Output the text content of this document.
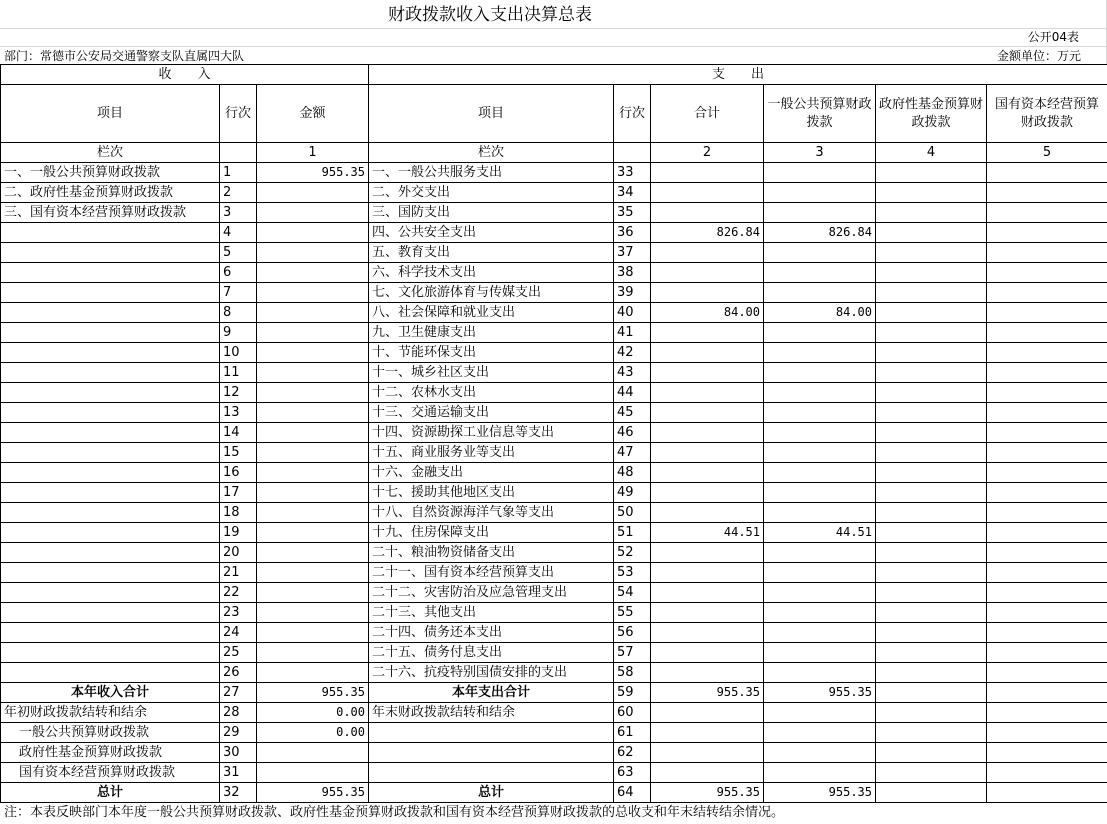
财政拨款收入支出决算总表
公开04表
部门：常德市公安局交通警察支队直属四大队	金额单位：万元
收　　入			支　　出					
项目	行次	金额	项目	行次	合计	一般公共预算财政拨款	政府性基金预算财政拨款	国有资本经营预算财政拨款
栏次		1	栏次		2	3	4	5
一、一般公共预算财政拨款	1	955.35	一、一般公共服务支出	33				
二、政府性基金预算财政拨款	2		二、外交支出	34				
三、国有资本经营预算财政拨款	3		三、国防支出	35				
	4		四、公共安全支出	36	826.84	826.84		
	5		五、教育支出	37				
	6		六、科学技术支出	38				
	7		七、文化旅游体育与传媒支出	39				
	8		八、社会保障和就业支出	40	84.00	84.00		
	9		九、卫生健康支出	41				
	10		十、节能环保支出	42				
	11		十一、城乡社区支出	43				
	12		十二、农林水支出	44				
	13		十三、交通运输支出	45				
	14		十四、资源勘探工业信息等支出	46				
	15		十五、商业服务业等支出	47				
	16		十六、金融支出	48				
	17		十七、援助其他地区支出	49				
	18		十八、自然资源海洋气象等支出	50				
	19		十九、住房保障支出	51	44.51	44.51		
	20		二十、粮油物资储备支出	52				
	21		二十一、国有资本经营预算支出	53				
	22		二十二、灾害防治及应急管理支出	54				
	23		二十三、其他支出	55				
	24		二十四、债务还本支出	56				
	25		二十五、债务付息支出	57				
	26		二十六、抗疫特别国债安排的支出	58				
本年收入合计	27	955.35	本年支出合计	59	955.35	955.35		
年初财政拨款结转和结余	28	0.00	年末财政拨款结转和结余	60				
一般公共预算财政拨款	29	0.00		61				
政府性基金预算财政拨款	30			62				
国有资本经营预算财政拨款	31			63				
总计	32	955.35	总计	64	955.35	955.35		
注：本表反映部门本年度一般公共预算财政拨款、政府性基金预算财政拨款和国有资本经营预算财政拨款的总收支和年末结转结余情况。
